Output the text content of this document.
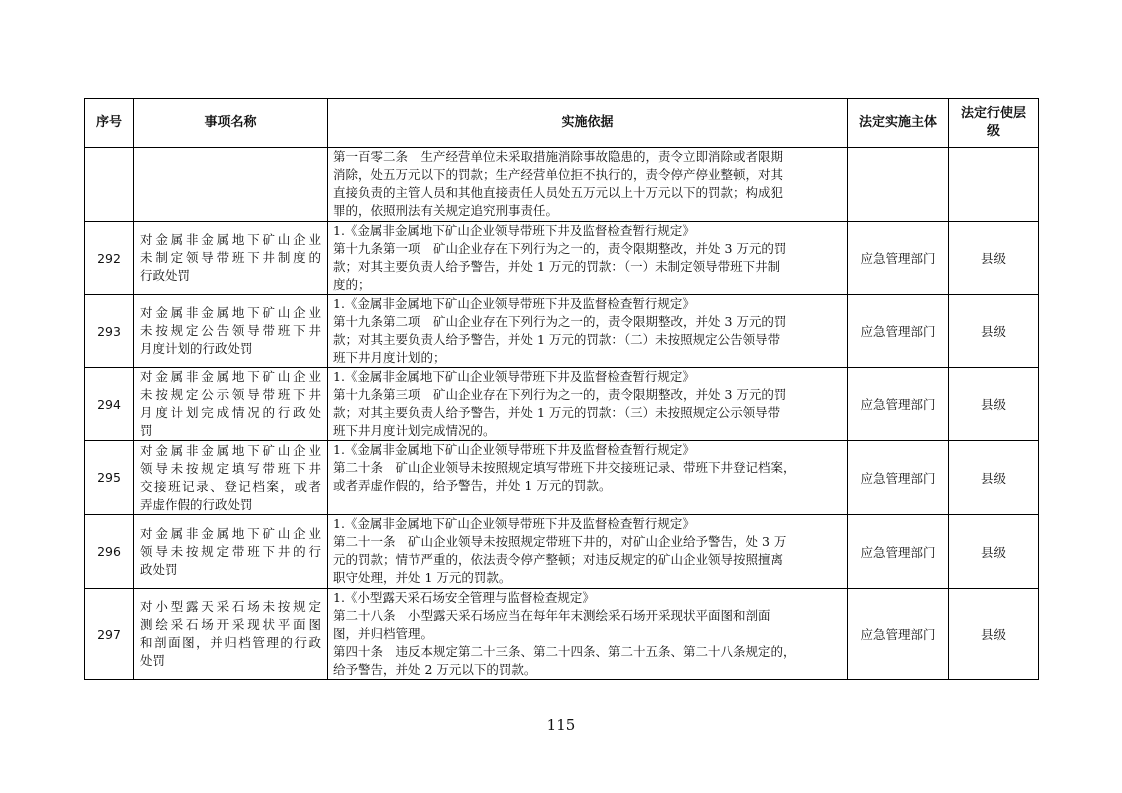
序号	事项名称	实施依据	法定实施主体	法定行使层
级

		第一百零二条　生产经营单位未采取措施消除事故隐患的，责令立即消除或者限期
消除，处五万元以下的罚款；生产经营单位拒不执行的，责令停产停业整顿，对其
直接负责的主管人员和其他直接责任人员处五万元以上十万元以下的罚款；构成犯
罪的，依照刑法有关规定追究刑事责任。		

292	对金属非金属地下矿山企业
未制定领导带班下井制度的
行政处罚	1.《金属非金属地下矿山企业领导带班下井及监督检查暂行规定》
第十九条第一项　矿山企业存在下列行为之一的，责令限期整改，并处 3 万元的罚
款；对其主要负责人给予警告，并处 1 万元的罚款：（一）未制定领导带班下井制
度的；	应急管理部门	县级
293	对金属非金属地下矿山企业
未按规定公告领导带班下井
月度计划的行政处罚	1.《金属非金属地下矿山企业领导带班下井及监督检查暂行规定》
第十九条第二项　矿山企业存在下列行为之一的，责令限期整改，并处 3 万元的罚
款；对其主要负责人给予警告，并处 1 万元的罚款：（二）未按照规定公告领导带
班下井月度计划的；	应急管理部门	县级
294	对金属非金属地下矿山企业
未按规定公示领导带班下井
月度计划完成情况的行政处
罚	1.《金属非金属地下矿山企业领导带班下井及监督检查暂行规定》
第十九条第三项　矿山企业存在下列行为之一的，责令限期整改，并处 3 万元的罚
款；对其主要负责人给予警告，并处 1 万元的罚款：（三）未按照规定公示领导带
班下井月度计划完成情况的。	应急管理部门	县级
295	对金属非金属地下矿山企业
领导未按规定填写带班下井
交接班记录、登记档案，或者
弄虚作假的行政处罚	1.《金属非金属地下矿山企业领导带班下井及监督检查暂行规定》
第二十条　矿山企业领导未按照规定填写带班下井交接班记录、带班下井登记档案，
或者弄虚作假的，给予警告，并处 1 万元的罚款。	应急管理部门	县级
296	对金属非金属地下矿山企业
领导未按规定带班下井的行
政处罚	1.《金属非金属地下矿山企业领导带班下井及监督检查暂行规定》
第二十一条　矿山企业领导未按照规定带班下井的，对矿山企业给予警告，处 3 万
元的罚款；情节严重的，依法责令停产整顿；对违反规定的矿山企业领导按照擅离
职守处理，并处 1 万元的罚款。	应急管理部门	县级
297	对小型露天采石场未按规定
测绘采石场开采现状平面图
和剖面图，并归档管理的行政
处罚	1.《小型露天采石场安全管理与监督检查规定》
第二十八条　小型露天采石场应当在每年年末测绘采石场开采现状平面图和剖面
图，并归档管理。
第四十条　违反本规定第二十三条、第二十四条、第二十五条、第二十八条规定的，
给予警告，并处 2 万元以下的罚款。	应急管理部门	县级
115
